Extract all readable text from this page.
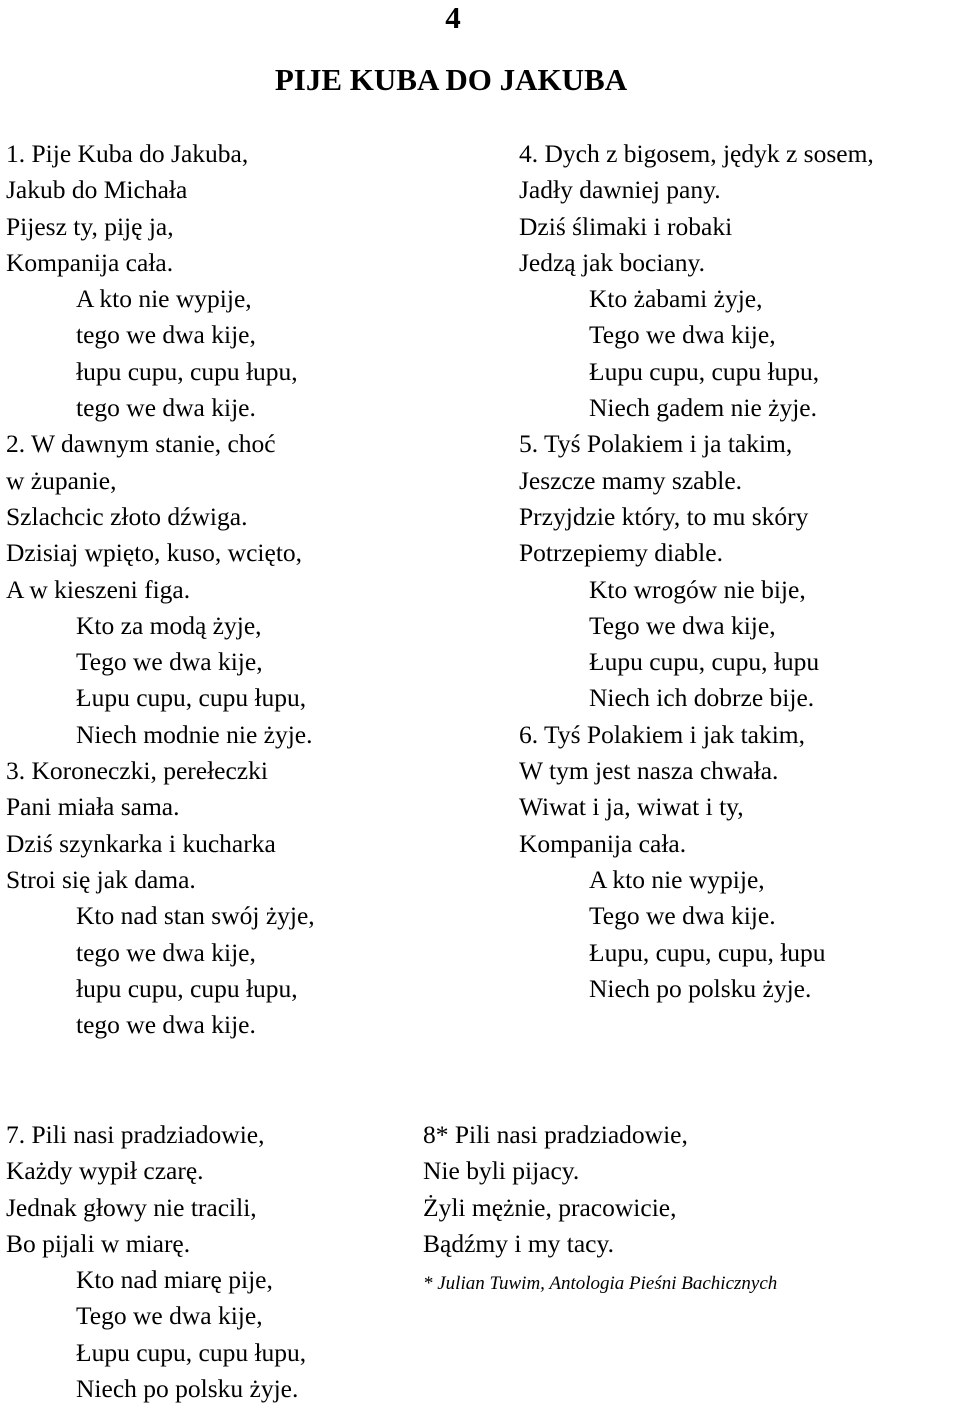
4
PIJE KUBA DO JAKUBA
1. Pije Kuba do Jakuba,
Jakub do Michała
Pijesz ty, piję ja,
Kompanija cała.
A kto nie wypije,
tego we dwa kije,
łupu cupu, cupu łupu,
tego we dwa kije.
2. W dawnym stanie, choć
w żupanie,
Szlachcic złoto dźwiga.
Dzisiaj wpięto, kuso, wcięto,
A w kieszeni figa.
Kto za modą żyje,
Tego we dwa kije,
Łupu cupu, cupu łupu,
Niech modnie nie żyje.
3. Koroneczki, perełeczki
Pani miała sama.
Dziś szynkarka i kucharka
Stroi się jak dama.
Kto nad stan swój żyje,
tego we dwa kije,
łupu cupu, cupu łupu,
tego we dwa kije.
4. Dych z bigosem, jędyk z sosem,
Jadły dawniej pany.
Dziś ślimaki i robaki
Jedzą jak bociany.
Kto żabami żyje,
Tego we dwa kije,
Łupu cupu, cupu łupu,
Niech gadem nie żyje.
5. Tyś Polakiem i ja takim,
Jeszcze mamy szable.
Przyjdzie który, to mu skóry
Potrzepiemy diable.
Kto wrogów nie bije,
Tego we dwa kije,
Łupu cupu, cupu, łupu
Niech ich dobrze bije.
6. Tyś Polakiem i jak takim,
W tym jest nasza chwała.
Wiwat i ja, wiwat i ty,
Kompanija cała.
A kto nie wypije,
Tego we dwa kije.
Łupu, cupu, cupu, łupu
Niech po polsku żyje.
7. Pili nasi pradziadowie,
Każdy wypił czarę.
Jednak głowy nie tracili,
Bo pijali w miarę.
Kto nad miarę pije,
Tego we dwa kije,
Łupu cupu, cupu łupu,
Niech po polsku żyje.
8* Pili nasi pradziadowie,
Nie byli pijacy.
Żyli mężnie, pracowicie,
Bądźmy i my tacy.
* Julian Tuwim, Antologia Pieśni Bachicznych
